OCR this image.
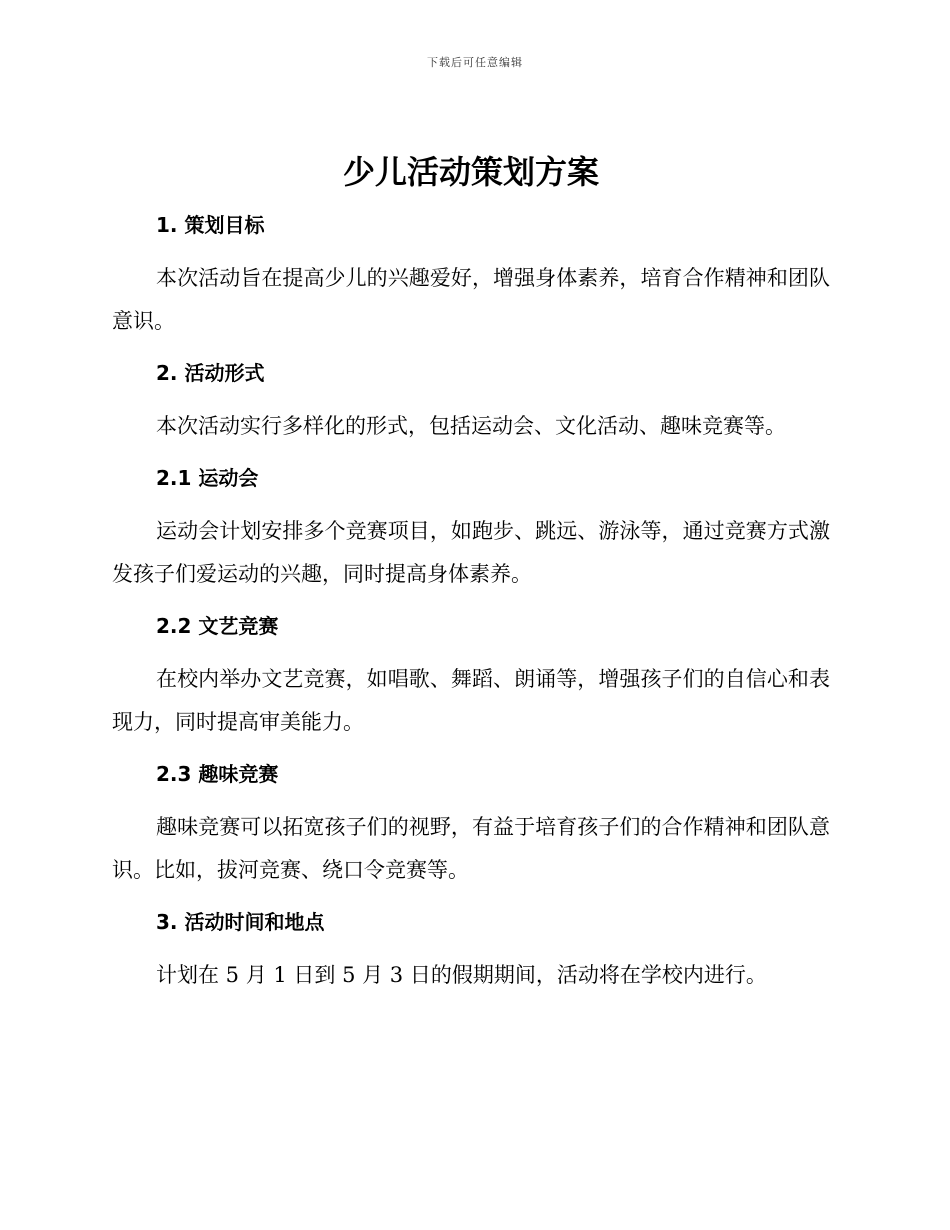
下载后可任意编辑
少儿活动策划方案
1. 策划目标

本次活动旨在提高少儿的兴趣爱好，增强身体素养，培育合作精神和团队意识。

2. 活动形式

本次活动实行多样化的形式，包括运动会、文化活动、趣味竞赛等。

2.1 运动会

运动会计划安排多个竞赛项目，如跑步、跳远、游泳等，通过竞赛方式激发孩子们爱运动的兴趣，同时提高身体素养。

2.2 文艺竞赛

在校内举办文艺竞赛，如唱歌、舞蹈、朗诵等，增强孩子们的自信心和表现力，同时提高审美能力。

2.3 趣味竞赛

趣味竞赛可以拓宽孩子们的视野，有益于培育孩子们的合作精神和团队意识。比如，拔河竞赛、绕口令竞赛等。

3. 活动时间和地点

计划在 5 月 1 日到 5 月 3 日的假期期间，活动将在学校内进行。
